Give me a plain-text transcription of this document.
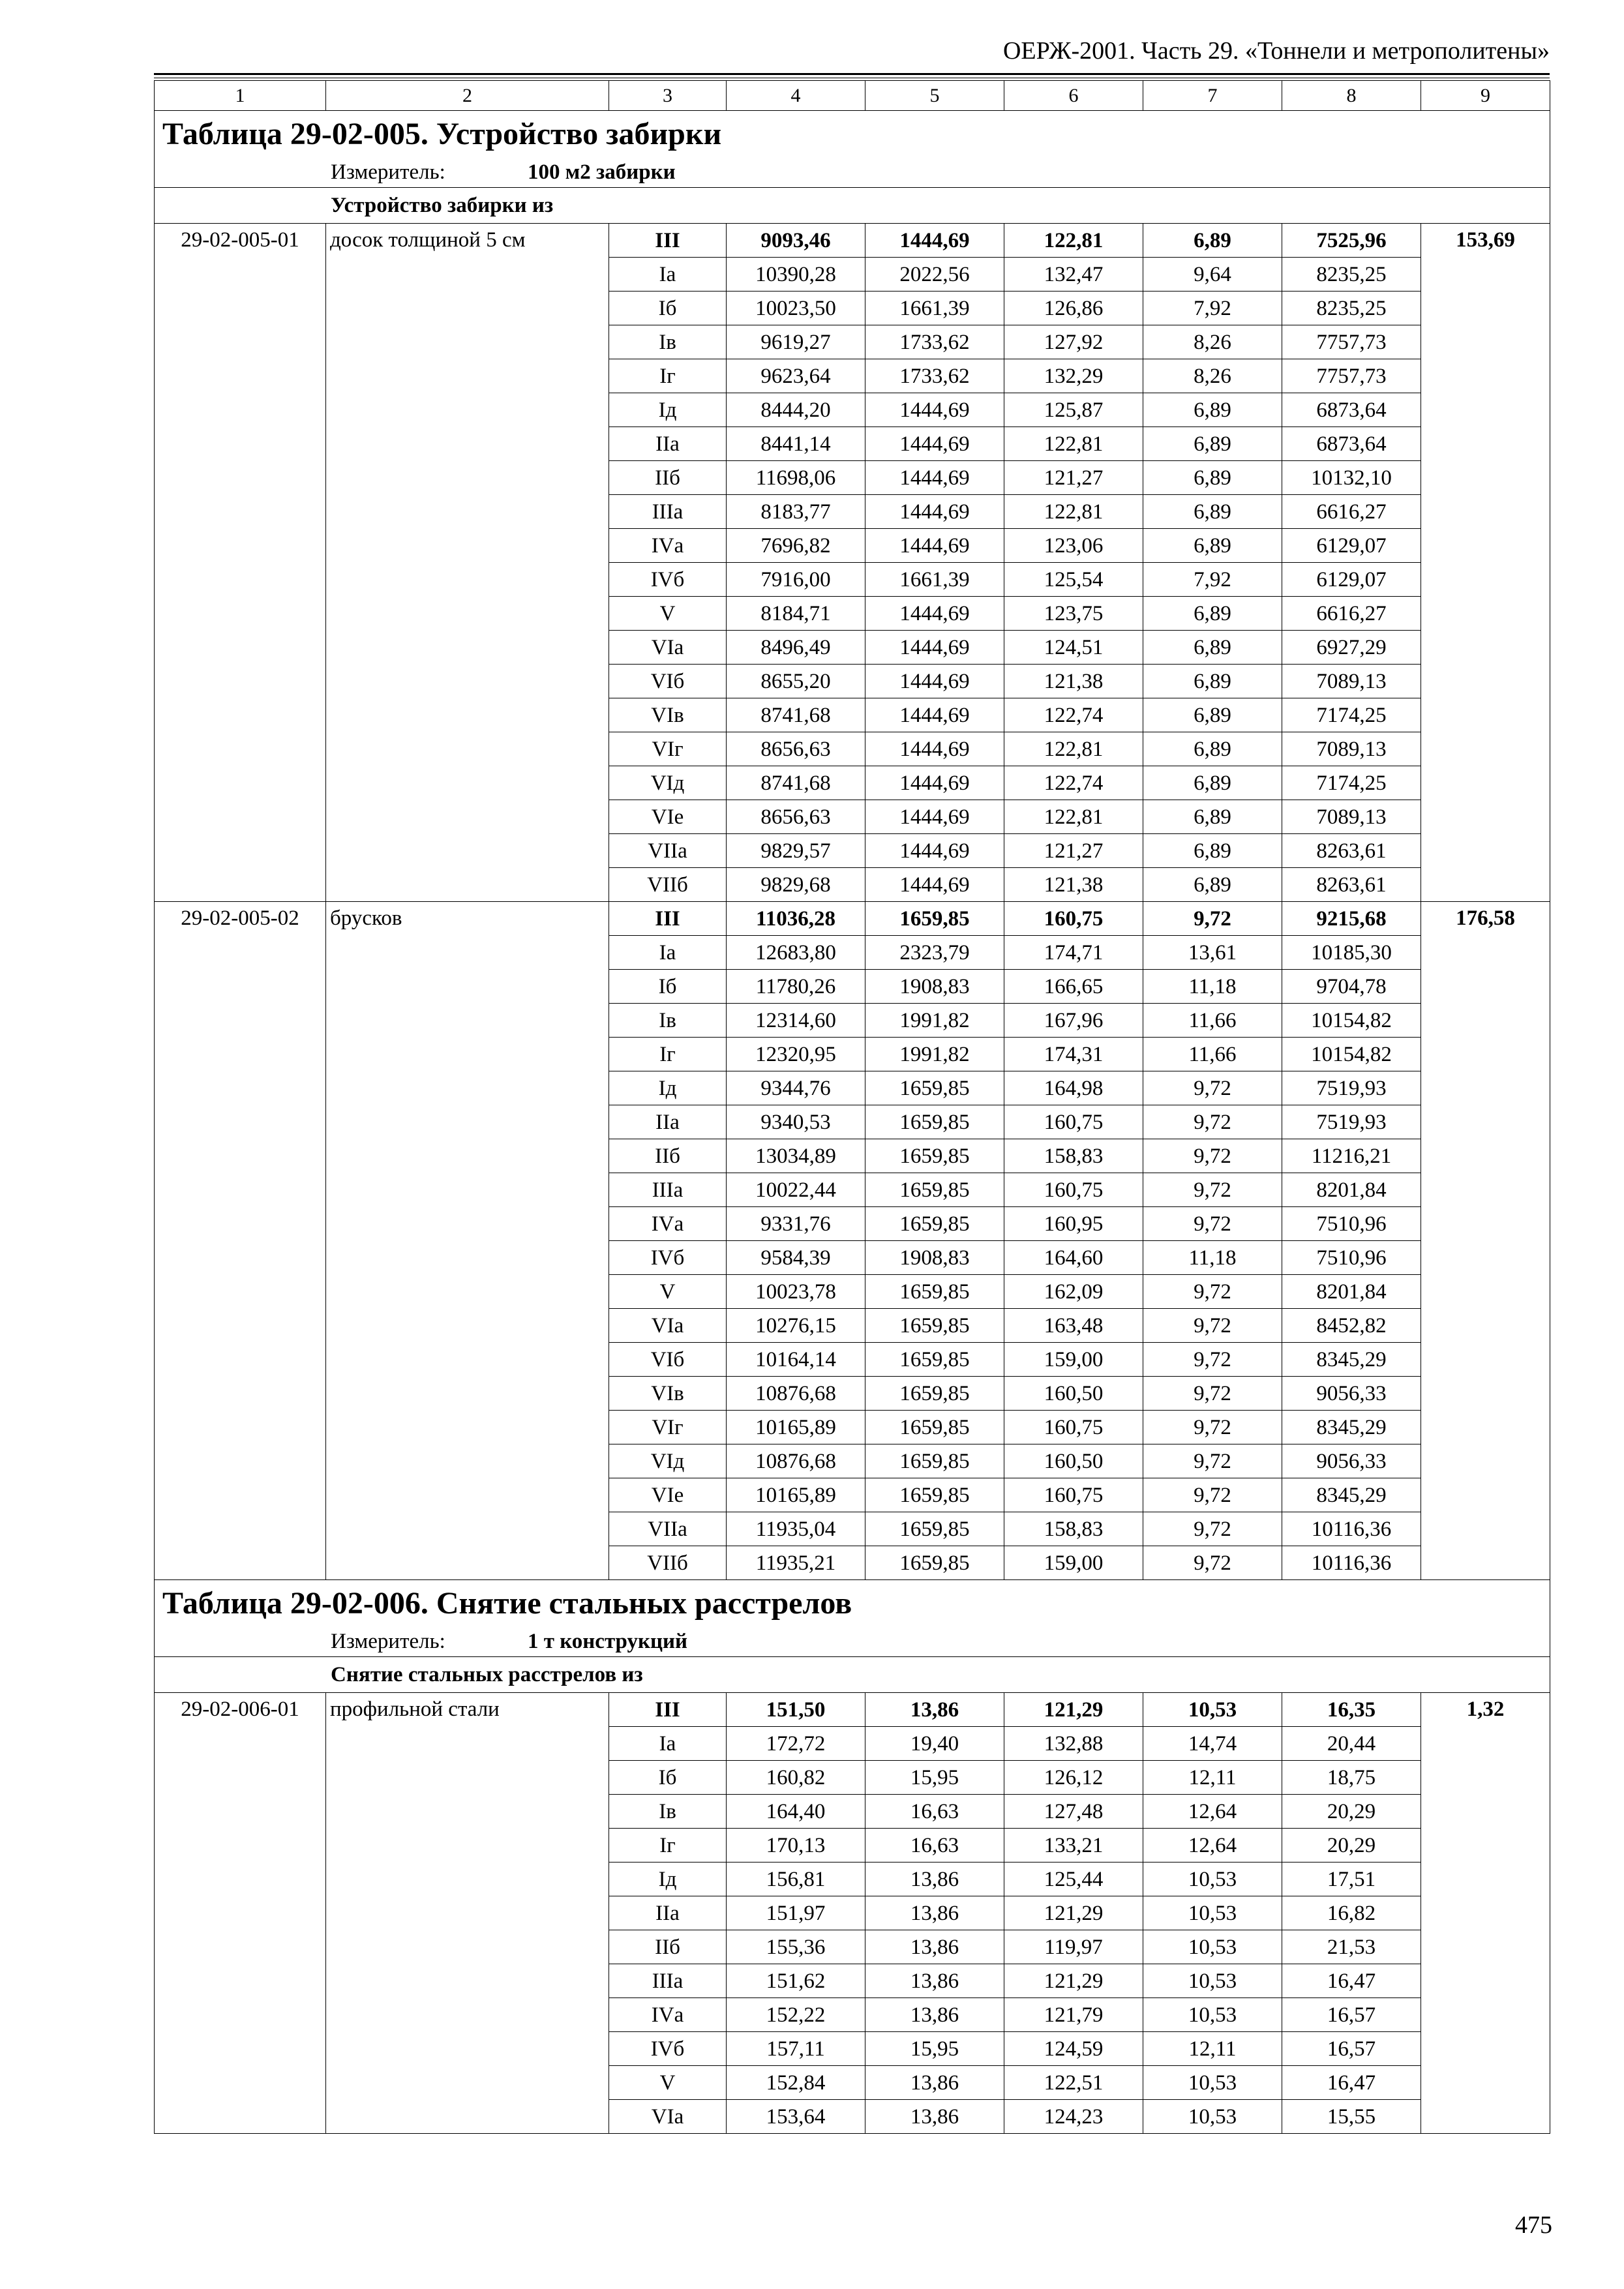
ОЕРЖ-2001. Часть 29. «Тоннели и метрополитены»
1	2	3	4	5	6	7	8	9
Таблица 29-02-005. Устройство забирки								
Измеритель: 100 м2 забирки								
Устройство забирки из								
29-02-005-01	досок толщиной 5 см	III	9093,46	1444,69	122,81	6,89	7525,96	153,69
		Iа	10390,28	2022,56	132,47	9,64	8235,25	
		Iб	10023,50	1661,39	126,86	7,92	8235,25	
		Iв	9619,27	1733,62	127,92	8,26	7757,73	
		Iг	9623,64	1733,62	132,29	8,26	7757,73	
		Iд	8444,20	1444,69	125,87	6,89	6873,64	
		IIа	8441,14	1444,69	122,81	6,89	6873,64	
		IIб	11698,06	1444,69	121,27	6,89	10132,10	
		IIIа	8183,77	1444,69	122,81	6,89	6616,27	
		IVа	7696,82	1444,69	123,06	6,89	6129,07	
		IVб	7916,00	1661,39	125,54	7,92	6129,07	
		V	8184,71	1444,69	123,75	6,89	6616,27	
		VIа	8496,49	1444,69	124,51	6,89	6927,29	
		VIб	8655,20	1444,69	121,38	6,89	7089,13	
		VIв	8741,68	1444,69	122,74	6,89	7174,25	
		VIг	8656,63	1444,69	122,81	6,89	7089,13	
		VIд	8741,68	1444,69	122,74	6,89	7174,25	
		VIе	8656,63	1444,69	122,81	6,89	7089,13	
		VIIа	9829,57	1444,69	121,27	6,89	8263,61	
		VIIб	9829,68	1444,69	121,38	6,89	8263,61	
29-02-005-02	брусков	III	11036,28	1659,85	160,75	9,72	9215,68	176,58
		Iа	12683,80	2323,79	174,71	13,61	10185,30	
		Iб	11780,26	1908,83	166,65	11,18	9704,78	
		Iв	12314,60	1991,82	167,96	11,66	10154,82	
		Iг	12320,95	1991,82	174,31	11,66	10154,82	
		Iд	9344,76	1659,85	164,98	9,72	7519,93	
		IIа	9340,53	1659,85	160,75	9,72	7519,93	
		IIб	13034,89	1659,85	158,83	9,72	11216,21	
		IIIа	10022,44	1659,85	160,75	9,72	8201,84	
		IVа	9331,76	1659,85	160,95	9,72	7510,96	
		IVб	9584,39	1908,83	164,60	11,18	7510,96	
		V	10023,78	1659,85	162,09	9,72	8201,84	
		VIа	10276,15	1659,85	163,48	9,72	8452,82	
		VIб	10164,14	1659,85	159,00	9,72	8345,29	
		VIв	10876,68	1659,85	160,50	9,72	9056,33	
		VIг	10165,89	1659,85	160,75	9,72	8345,29	
		VIд	10876,68	1659,85	160,50	9,72	9056,33	
		VIе	10165,89	1659,85	160,75	9,72	8345,29	
		VIIа	11935,04	1659,85	158,83	9,72	10116,36	
		VIIб	11935,21	1659,85	159,00	9,72	10116,36	
Таблица 29-02-006. Снятие стальных расстрелов								
Измеритель: 1 т конструкций								
Снятие стальных расстрелов из								
29-02-006-01	профильной стали	III	151,50	13,86	121,29	10,53	16,35	1,32
		Iа	172,72	19,40	132,88	14,74	20,44	
		Iб	160,82	15,95	126,12	12,11	18,75	
		Iв	164,40	16,63	127,48	12,64	20,29	
		Iг	170,13	16,63	133,21	12,64	20,29	
		Iд	156,81	13,86	125,44	10,53	17,51	
		IIа	151,97	13,86	121,29	10,53	16,82	
		IIб	155,36	13,86	119,97	10,53	21,53	
		IIIа	151,62	13,86	121,29	10,53	16,47	
		IVа	152,22	13,86	121,79	10,53	16,57	
		IVб	157,11	15,95	124,59	12,11	16,57	
		V	152,84	13,86	122,51	10,53	16,47	
		VIа	153,64	13,86	124,23	10,53	15,55	
475
